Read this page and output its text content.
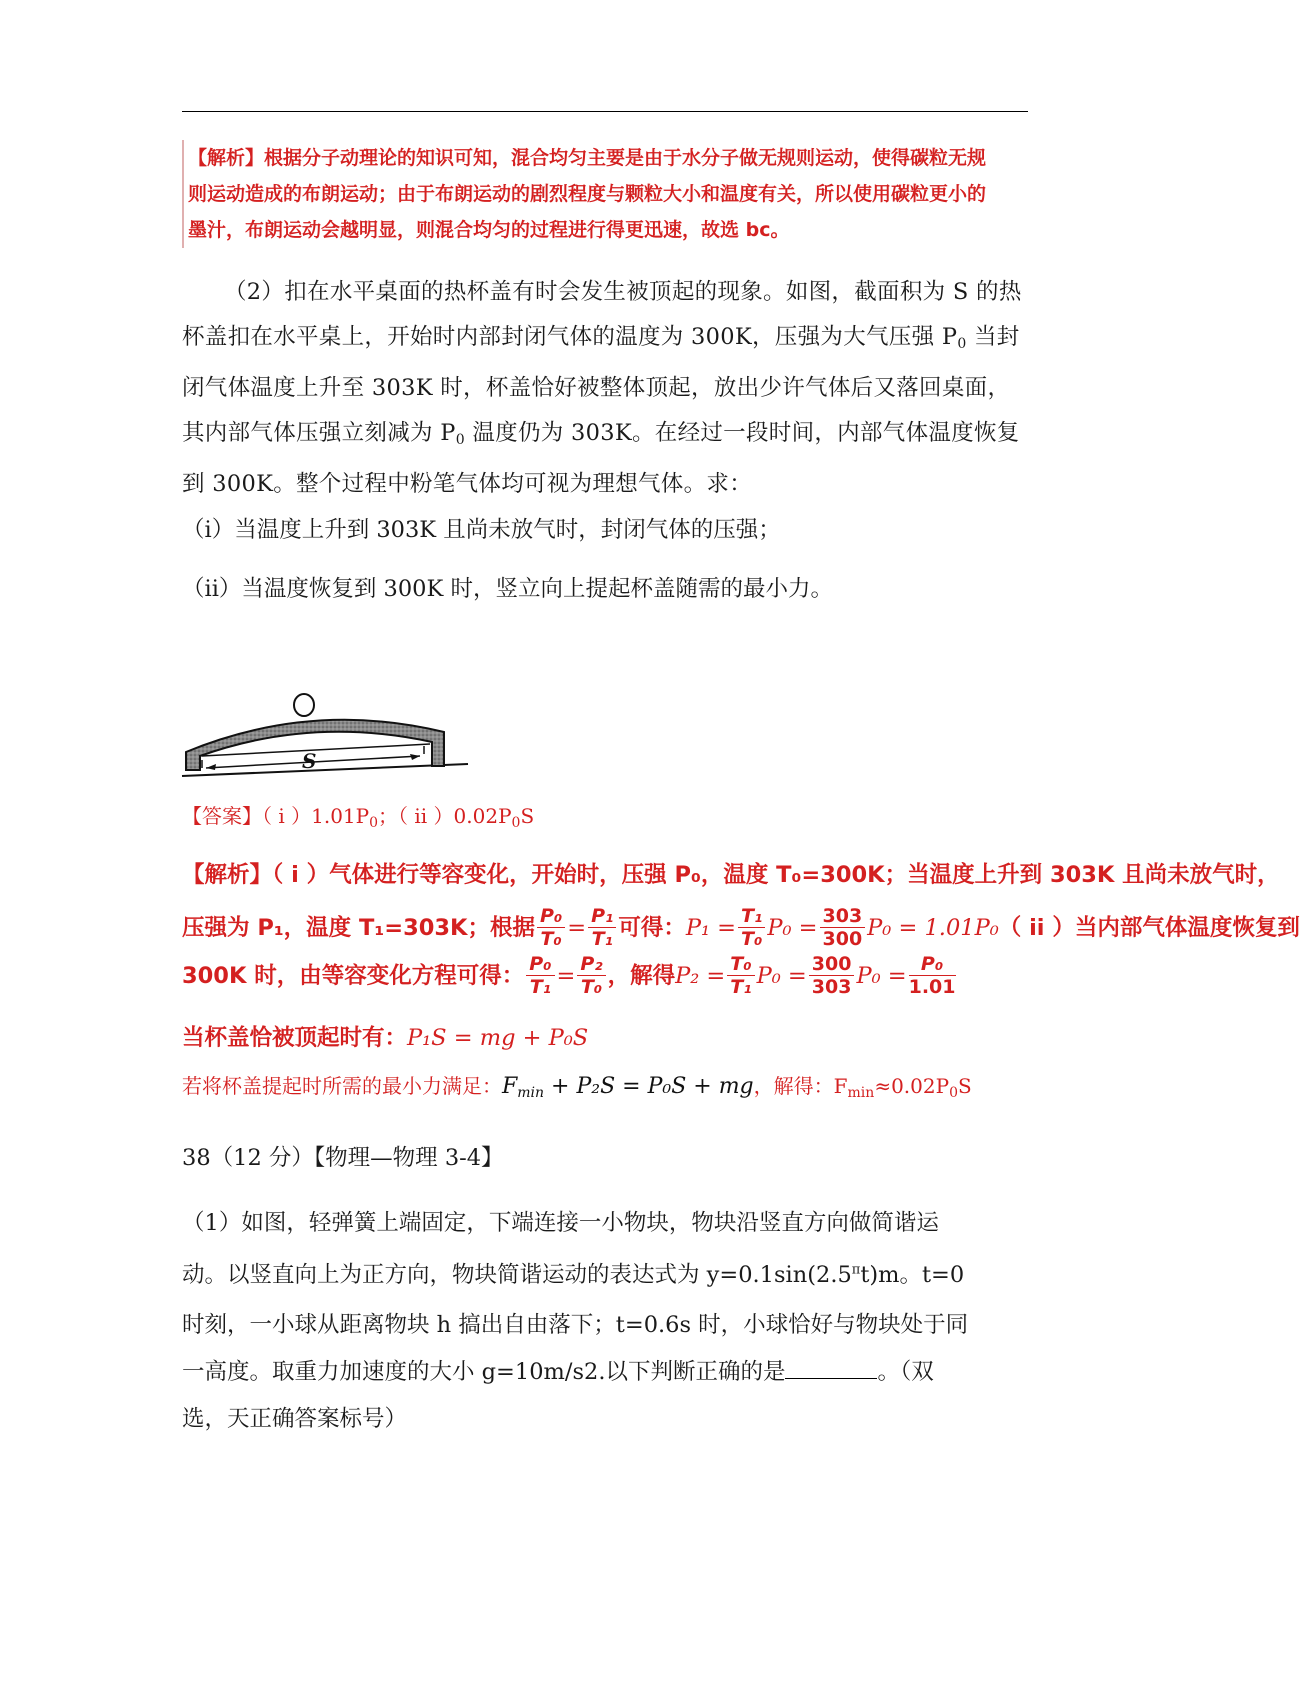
【解析】根据分子动理论的知识可知，混合均匀主要是由于水分子做无规则运动，使得碳粒无规则运动造成的布朗运动；由于布朗运动的剧烈程度与颗粒大小和温度有关，所以使用碳粒更小的墨汁，布朗运动会越明显，则混合均匀的过程进行得更迅速，故选 bc。
（2）扣在水平桌面的热杯盖有时会发生被顶起的现象。如图，截面积为 S 的热杯盖扣在水平桌上，开始时内部封闭气体的温度为 300K，压强为大气压强 $P_0$ 当封闭气体温度上升至 303K 时，杯盖恰好被整体顶起，放出少许气体后又落回桌面，其内部气体压强立刻减为 $P_0$ 温度仍为 303K。在经过一段时间，内部气体温度恢复到 300K。整个过程中粉笔气体均可视为理想气体。求：
（i）当温度上升到 303K 且尚未放气时，封闭气体的压强；
（ii）当温度恢复到 300K 时，竖立向上提起杯盖随需的最小力。
S
【答案】（ i ）$1.01P_0$；（ ii ）$0.02P_0S$
【解析】（ i ）气体进行等容变化，开始时，压强 P₀，温度 T₀=300K；当温度上升到 303K 且尚未放气时，
压强为 P₁，温度 T₁=303K；根据 $\frac{\text{P₀}}{\text{T₀}} = \frac{\text{P₁}}{\text{T₁}}$ 可得： $P_1 = \frac{\text{T₁}}{\text{T₀}} P_0 = \frac{303}{300} P_0 = 1.01P_0$ （ ii ）当内部气体温度恢复到
300K 时，由等容变化方程可得： $\frac{\text{P₀}}{\text{T₁}} = \frac{\text{P₂}}{\text{T₀}}$ ，解得 $P_2 = \frac{\text{T₀}}{\text{T₁}} P_0 = \frac{300}{303} P_0 = \frac{\text{P₀}}{1.01}$
当杯盖恰被顶起时有：P₁S = mg + P₀S
若将杯盖提起时所需的最小力满足：$F_{min} + P_2S = P_0S$ + mg，解得：$F_{min}\approx 0.02P_0S$
38（12 分）【物理—物理 3-4】
（1）如图，轻弹簧上端固定，下端连接一小物块，物块沿竖直方向做简谐运
动。以竖直向上为正方向，物块简谐运动的表达式为 $y=0.1\sin(2.5^\pi t)m$。t=0
时刻，一小球从距离物块 h 搞出自由落下；t=0.6s 时，小球恰好与物块处于同
一高度。取重力加速度的大小 g=10m/s2.以下判断正确的是	。（双
选，天正确答案标号）
